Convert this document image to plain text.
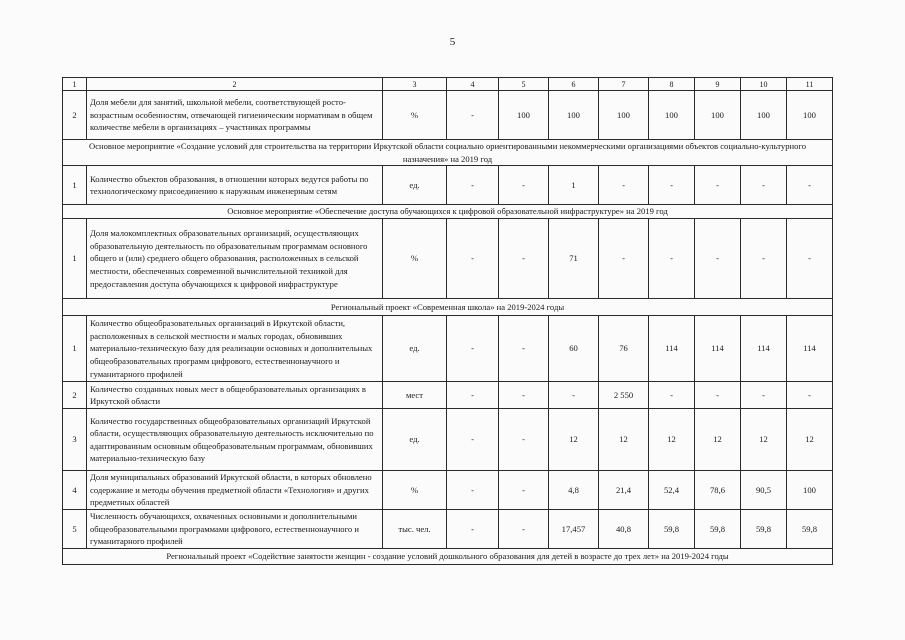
5
1	2	3	4	5	6	7	8	9	10	11
2	Доля мебели для занятий, школьной мебели, соответствующей росто-возрастным особенностям, отвечающей гигиеническим нормативам в общем количестве мебели в организациях – участниках программы	%	-	100	100	100	100	100	100	100
Основное мероприятие «Создание условий для строительства на территории Иркутской области социально ориентированными некоммерческими организациями объектов социально-культурного назначения» на 2019 год										
1	Количество объектов образования, в отношении которых ведутся работы по технологическому присоединению к наружным инженерным сетям	ед.	-	-	1	-	-	-	-	-
Основное мероприятие «Обеспечение доступа обучающихся к цифровой образовательной инфраструктуре» на 2019 год										
1	Доля малокомплектных образовательных организаций, осуществляющих образовательную деятельность по образовательным программам основного общего и (или) среднего общего образования, расположенных в сельской местности, обеспеченных современной вычислительной техникой для предоставления доступа обучающихся к цифровой инфраструктуре	%	-	-	71	-	-	-	-	-
Региональный проект «Современная школа» на 2019-2024 годы										
1	Количество общеобразовательных организаций в Иркутской области, расположенных в сельской местности и малых городах, обновивших материально-техническую базу для реализации основных и дополнительных общеобразовательных программ цифрового, естественнонаучного и гуманитарного профилей	ед.	-	-	60	76	114	114	114	114
2	Количество созданных новых мест в общеобразовательных организациях в Иркутской области	мест	-	-	-	2 550	-	-	-	-
3	Количество государственных общеобразовательных организаций Иркутской области, осуществляющих образовательную деятельность исключительно по адаптированным основным общеобразовательным программам, обновивших материально-техническую базу	ед.	-	-	12	12	12	12	12	12
4	Доля муниципальных образований Иркутской области, в которых обновлено содержание и методы обучения предметной области «Технология» и других предметных областей	%	-	-	4,8	21,4	52,4	78,6	90,5	100
5	Численность обучающихся, охваченных основными и дополнительными общеобразовательными программами цифрового, естественнонаучного и гуманитарного профилей	тыс. чел.	-	-	17,457	40,8	59,8	59,8	59,8	59,8
Региональный проект «Содействие занятости женщин - создание условий дошкольного образования для детей в возрасте до трех лет» на 2019-2024 годы										
